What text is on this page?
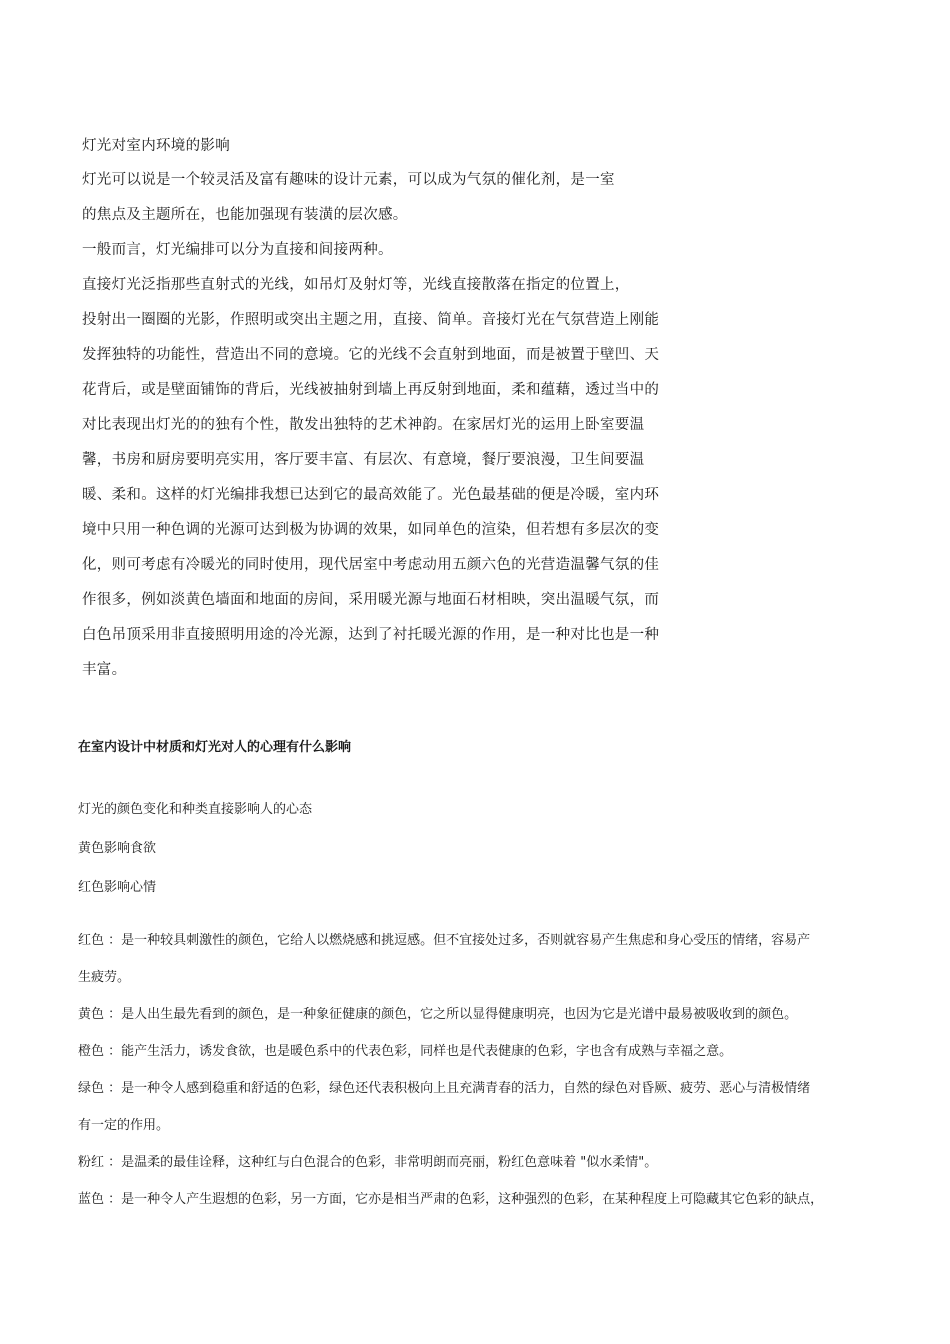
灯光对室内环境的影响
灯光可以说是一个较灵活及富有趣味的设计元素，可以成为气氛的催化剂，是一室
的焦点及主题所在，也能加强现有装潢的层次感。
一般而言，灯光编排可以分为直接和间接两种。
直接灯光泛指那些直射式的光线，如吊灯及射灯等，光线直接散落在指定的位置上，
投射出一圈圈的光影，作照明或突出主题之用，直接、简单。音接灯光在气氛营造上刚能
发挥独特的功能性，营造出不同的意境。它的光线不会直射到地面，而是被置于壁凹、天
花背后，或是壁面铺饰的背后，光线被抽射到墙上再反射到地面，柔和蕴藉，透过当中的
对比表现出灯光的的独有个性，散发出独特的艺术神韵。在家居灯光的运用上卧室要温
馨，书房和厨房要明亮实用，客厅要丰富、有层次、有意境，餐厅要浪漫，卫生间要温
暖、柔和。这样的灯光编排我想已达到它的最高效能了。光色最基础的便是冷暖，室内环
境中只用一种色调的光源可达到极为协调的效果，如同单色的渲染，但若想有多层次的变
化，则可考虑有冷暖光的同时使用，现代居室中考虑动用五颜六色的光营造温馨气氛的佳
作很多，例如淡黄色墙面和地面的房间，采用暖光源与地面石材相映，突出温暖气氛，而
白色吊顶采用非直接照明用途的冷光源，达到了衬托暖光源的作用，是一种对比也是一种
丰富。
在室内设计中材质和灯光对人的心理有什么影响
灯光的颜色变化和种类直接影响人的心态
黄色影响食欲
红色影响心情
红色 ：是一种较具刺激性的颜色，它给人以燃烧感和挑逗感。但不宜接处过多，否则就容易产生焦虑和身心受压的情绪，容易产
生疲劳。
黄色 ：是人出生最先看到的颜色，是一种象征健康的颜色，它之所以显得健康明亮，也因为它是光谱中最易被吸收到的颜色。
橙色 ：能产生活力，诱发食欲，也是暖色系中的代表色彩，同样也是代表健康的色彩，字也含有成熟与幸福之意。
绿色 ：是一种令人感到稳重和舒适的色彩，绿色还代表积极向上且充满青春的活力，自然的绿色对昏厥、疲劳、恶心与清极情绪
有一定的作用。
粉红 ：是温柔的最佳诠释，这种红与白色混合的色彩，非常明朗而亮丽，粉红色意味着 "似水柔情"。
蓝色 ：是一种令人产生遐想的色彩，另一方面，它亦是相当严肃的色彩，这种强烈的色彩，在某种程度上可隐藏其它色彩的缺点，
